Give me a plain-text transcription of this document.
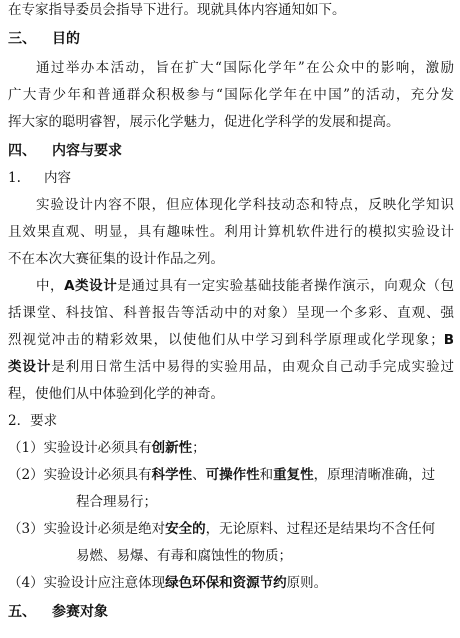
在专家指导委员会指导下进行。现就具体内容通知如下。
三、 目的
通过举办本活动，旨在扩大“国际化学年”在公众中的影响，激励
广大青少年和普通群众积极参与“国际化学年在中国”的活动，充分发
挥大家的聪明睿智，展示化学魅力，促进化学科学的发展和提高。
四、 内容与要求
1. 内容
实验设计内容不限，但应体现化学科技动态和特点，反映化学知识
且效果直观、明显，具有趣味性。利用计算机软件进行的模拟实验设计
不在本次大赛征集的设计作品之列。
中，A类设计是通过具有一定实验基础技能者操作演示，向观众（包
括课堂、科技馆、科普报告等活动中的对象）呈现一个多彩、直观、强
烈视觉冲击的精彩效果，以使他们从中学习到科学原理或化学现象；B
类设计是利用日常生活中易得的实验用品，由观众自己动手完成实验过
程，使他们从中体验到化学的神奇。
2．要求
（1）实验设计必须具有创新性；
（2）实验设计必须具有科学性、可操作性和重复性，原理清晰准确，过
程合理易行；
（3）实验设计必须是绝对安全的，无论原料、过程还是结果均不含任何
易燃、易爆、有毒和腐蚀性的物质；
（4）实验设计应注意体现绿色环保和资源节约原则。
五、 参赛对象
